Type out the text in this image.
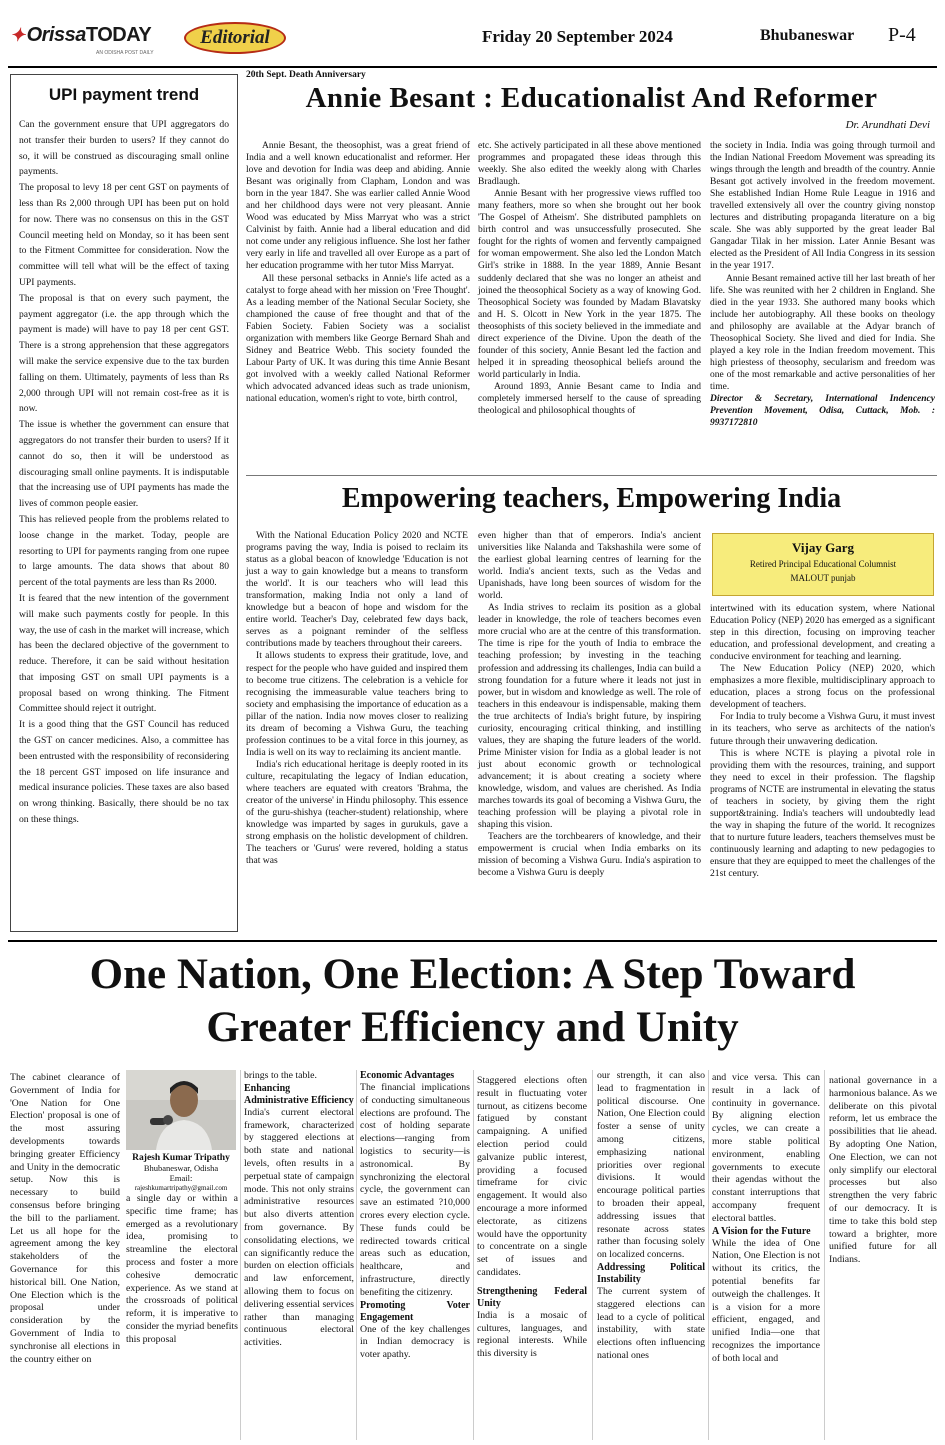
✦ OrissaTODAY
AN ODISHA POST DAILY
Editorial	Friday 20 September 2024	Bhubaneswar P-4
UPI payment trend

Can the government ensure that UPI aggregators do not transfer their burden to users? If they cannot do so, it will be construed as discouraging small online payments.

The proposal to levy 18 per cent GST on payments of less than Rs 2,000 through UPI has been put on hold for now. There was no consensus on this in the GST Council meeting held on Monday, so it has been sent to the Fitment Committee for consideration. Now the committee will tell what will be the effect of taxing UPI payments.

The proposal is that on every such payment, the payment aggregator (i.e. the app through which the payment is made) will have to pay 18 per cent GST. There is a strong apprehension that these aggregators will make the service expensive due to the tax burden falling on them. Ultimately, payments of less than Rs 2,000 through UPI will not remain cost-free as it is now.

The issue is whether the government can ensure that aggregators do not transfer their burden to users? If it cannot do so, then it will be understood as discouraging small online payments. It is indisputable that the increasing use of UPI payments has made the lives of common people easier.

This has relieved people from the problems related to loose change in the market. Today, people are resorting to UPI for payments ranging from one rupee to large amounts. The data shows that about 80 percent of the total payments are less than Rs 2000.

It is feared that the new intention of the government will make such payments costly for people. In this way, the use of cash in the market will increase, which has been the declared objective of the government to reduce. Therefore, it can be said without hesitation that imposing GST on small UPI payments is a proposal based on wrong thinking. The Fitment Committee should reject it outright.

It is a good thing that the GST Council has reduced the GST on cancer medicines. Also, a committee has been entrusted with the responsibility of reconsidering the 18 percent GST imposed on life insurance and medical insurance policies. These taxes are also based on wrong thinking. Basically, there should be no tax on these things.

20th Sept. Death Anniversary
Annie Besant : Educationalist And Reformer
Dr. Arundhati Devi

Annie Besant, the theosophist, was a great friend of India and a well known educationalist and reformer. Her love and devotion for India was deep and abiding. Annie Besant was originally from Clapham, London and was born in the year 1847. She was earlier called Annie Wood and her childhood days were not very pleasant. Annie Wood was educated by Miss Marryat who was a strict Calvinist by faith. Annie had a liberal education and did not come under any religious influence. She lost her father very early in life and travelled all over Europe as a part of her education programme with her tutor Miss Marryat.

All these personal setbacks in Annie's life acted as a catalyst to forge ahead with her mission on 'Free Thought'. As a leading member of the National Secular Society, she championed the cause of free thought and that of the Fabien Society. Fabien Society was a socialist organization with members like George Bernard Shah and Sidney and Beatrice Webb. This society founded the Labour Party of UK. It was during this time Annie Besant got involved with a weekly called National Reformer which advocated advanced ideas such as trade unionism, national education, women's right to vote, birth control,

etc. She actively participated in all these above mentioned programmes and propagated these ideas through this weekly. She also edited the weekly along with Charles Bradlaugh.

Annie Besant with her progressive views ruffled too many feathers, more so when she brought out her book 'The Gospel of Atheism'. She distributed pamphlets on birth control and was unsuccessfully prosecuted. She fought for the rights of women and fervently campaigned for woman empowerment. She also led the London Match Girl's strike in 1888. In the year 1889, Annie Besant suddenly declared that she was no longer an atheist and joined the theosophical Society as a way of knowing God. Theosophical Society was founded by Madam Blavatsky and H. S. Olcott in New York in the year 1875. The theosophists of this society believed in the immediate and direct experience of the Divine. Upon the death of the founder of this society, Annie Besant led the faction and helped it in spreading theosophical beliefs around the world particularly in India.

Around 1893, Annie Besant came to India and completely immersed herself to the cause of spreading theological and philosophical thoughts of

the society in India. India was going through turmoil and the Indian National Freedom Movement was spreading its wings through the length and breadth of the country. Annie Besant got actively involved in the freedom movement. She established Indian Home Rule League in 1916 and travelled extensively all over the country giving nonstop lectures and distributing propaganda literature on a big scale. She was ably supported by the great leader Bal Gangadar Tilak in her mission. Later Annie Besant was elected as the President of All India Congress in its session in the year 1917.

Annie Besant remained active till her last breath of her life. She was reunited with her 2 children in England. She died in the year 1933. She authored many books which include her autobiography. All these books on theology and philosophy are available at the Adyar branch of Theosophical Society. She lived and died for India. She played a key role in the Indian freedom movement. This high priestess of theosophy, secularism and freedom was one of the most remarkable and active personalities of her time.

Director & Secretary, International Indencency Prevention Movement, Odisa, Cuttack, Mob. : 9937172810

Empowering teachers, Empowering India
Vijay Garg
Retired Principal Educational Columnist
MALOUT punjab

With the National Education Policy 2020 and NCTE programs paving the way, India is poised to reclaim its status as a global beacon of knowledge 'Education is not just a way to gain knowledge but a means to transform the world'. It is our teachers who will lead this transformation, making India not only a land of knowledge but a beacon of hope and wisdom for the entire world. Teacher's Day, celebrated few days back, serves as a poignant reminder of the selfless contributions made by teachers throughout their careers.

It allows students to express their gratitude, love, and respect for the people who have guided and inspired them to become true citizens. The celebration is a vehicle for recognising the immeasurable value teachers bring to society and emphasising the importance of education as a pillar of the nation. India now moves closer to realizing its dream of becoming a Vishwa Guru, the teaching profession continues to be a vital force in this journey, as India is well on its way to reclaiming its ancient mantle.

India's rich educational heritage is deeply rooted in its culture, recapitulating the legacy of Indian education, where teachers are equated with creators 'Brahma, the creator of the universe' in Hindu philosophy. This essence of the guru-shishya (teacher-student) relationship, where knowledge was imparted by sages in gurukuls, gave a strong emphasis on the holistic development of children. The teachers or 'Gurus' were revered, holding a status that was

even higher than that of emperors. India's ancient universities like Nalanda and Takshashila were some of the earliest global learning centres of learning for the world. India's ancient texts, such as the Vedas and Upanishads, have long been sources of wisdom for the world.

As India strives to reclaim its position as a global leader in knowledge, the role of teachers becomes even more crucial who are at the centre of this transformation. The time is ripe for the youth of India to embrace the teaching profession; by investing in the teaching profession and addressing its challenges, India can build a strong foundation for a future where it leads not just in power, but in wisdom and knowledge as well. The role of teachers in this endeavour is indispensable, making them the true architects of India's bright future, by inspiring curiosity, encouraging critical thinking, and instilling values, they are shaping the future leaders of the world. Prime Minister vision for India as a global leader is not just about economic growth or technological advancement; it is about creating a society where knowledge, wisdom, and values are cherished. As India marches towards its goal of becoming a Vishwa Guru, the teaching profession will be playing a pivotal role in shaping this vision.

Teachers are the torchbearers of knowledge, and their empowerment is crucial when India embarks on its mission of becoming a Vishwa Guru. India's aspiration to become a Vishwa Guru is deeply

intertwined with its education system, where National Education Policy (NEP) 2020 has emerged as a significant step in this direction, focusing on improving teacher education, and professional development, and creating a conducive environment for teaching and learning.

The New Education Policy (NEP) 2020, which emphasizes a more flexible, multidisciplinary approach to education, places a strong focus on the professional development of teachers.

For India to truly become a Vishwa Guru, it must invest in its teachers, who serve as architects of the nation's future through their unwavering dedication.

This is where NCTE is playing a pivotal role in providing them with the resources, training, and support they need to excel in their profession. The flagship programs of NCTE are instrumental in elevating the status of teachers in society, by giving them the right support&training. India's teachers will undoubtedly lead the way in shaping the future of the world. It recognizes that to nurture future leaders, teachers themselves must be continuously learning and adapting to new pedagogies to ensure that they are equipped to meet the challenges of the 21st century.

One Nation, One Election: A Step Toward
Greater Efficiency and Unity
Rajesh Kumar Tripathy
Bhubaneswar, Odisha
Email:
rajeshkumartripathy@gmail.com

The cabinet clearance of Government of India for 'One Nation for One Election' proposal is one of the most assuring developments towards bringing greater Efficiency and Unity in the democratic setup. Now this is necessary to build consensus before bringing the bill to the parliament. Let us all hope for the agreement among the key stakeholders of the Governance for this historical bill. One Nation, One Election which is the proposal under consideration by the Government of India to synchronise all elections in the country either on

a single day or within a specific time frame; has emerged as a revolutionary idea, promising to streamline the electoral process and foster a more cohesive democratic experience. As we stand at the crossroads of political reform, it is imperative to consider the myriad benefits this proposal

brings to the table.

Enhancing Administrative Efficiency

India's current electoral framework, characterized by staggered elections at both state and national levels, often results in a perpetual state of campaign mode. This not only strains administrative resources but also diverts attention from governance. By consolidating elections, we can significantly reduce the burden on election officials and law enforcement, allowing them to focus on delivering essential services rather than managing continuous electoral activities.

Economic Advantages

The financial implications of conducting simultaneous elections are profound. The cost of holding separate elections—ranging from logistics to security—is astronomical. By synchronizing the electoral cycle, the government can save an estimated ?10,000 crores every election cycle. These funds could be redirected towards critical areas such as education, healthcare, and infrastructure, directly benefiting the citizenry.

Promoting Voter Engagement

One of the key challenges in Indian democracy is voter apathy.

Staggered elections often result in fluctuating voter turnout, as citizens become fatigued by constant campaigning. A unified election period could galvanize public interest, providing a focused timeframe for civic engagement. It would also encourage a more informed electorate, as citizens would have the opportunity to concentrate on a single set of issues and candidates.

Strengthening Federal Unity

India is a mosaic of cultures, languages, and regional interests. While this diversity is

our strength, it can also lead to fragmentation in political discourse. One Nation, One Election could foster a sense of unity among citizens, emphasizing national priorities over regional divisions. It would encourage political parties to broaden their appeal, addressing issues that resonate across states rather than focusing solely on localized concerns.

Addressing Political Instability

The current system of staggered elections can lead to a cycle of political instability, with state elections often influencing national ones

and vice versa. This can result in a lack of continuity in governance. By aligning election cycles, we can create a more stable political environment, enabling governments to execute their agendas without the constant interruptions that accompany frequent electoral battles.

A Vision for the Future

While the idea of One Nation, One Election is not without its critics, the potential benefits far outweigh the challenges. It is a vision for a more efficient, engaged, and unified India—one that recognizes the importance of both local and

national governance in a harmonious balance. As we deliberate on this pivotal reform, let us embrace the possibilities that lie ahead. By adopting One Nation, One Election, we can not only simplify our electoral processes but also strengthen the very fabric of our democracy. It is time to take this bold step toward a brighter, more unified future for all Indians.
